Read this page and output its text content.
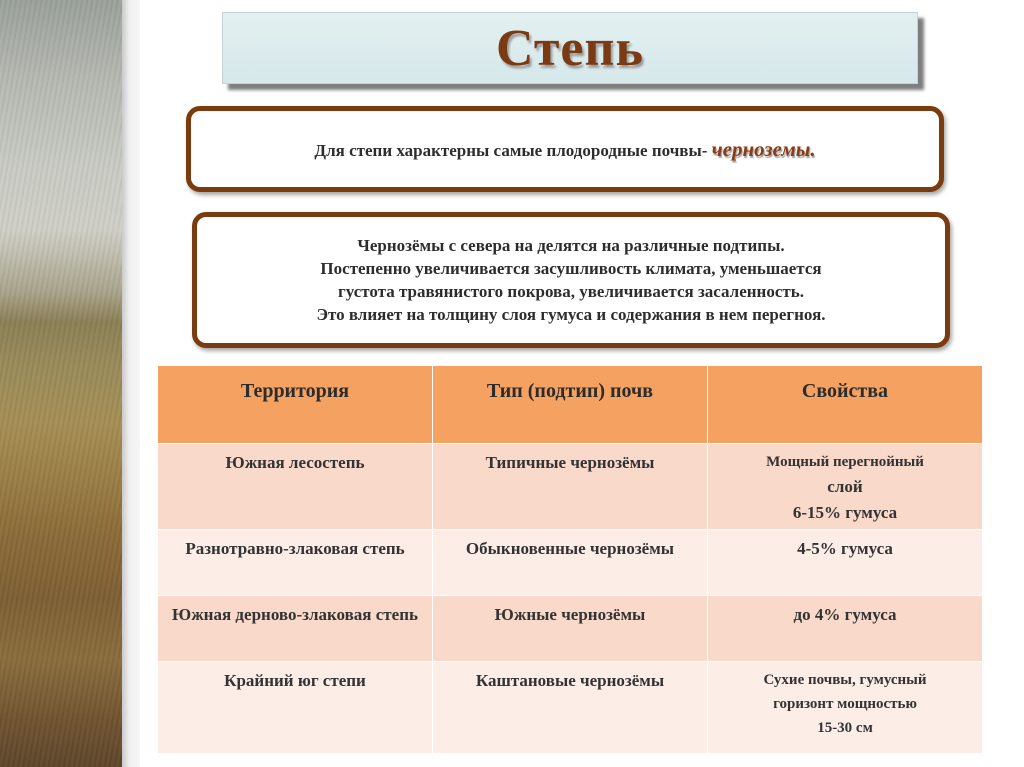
Степь
Для степи характерны самые плодородные почвы- черноземы.
Чернозёмы с севера на делятся на различные подтипы.
Постепенно увеличивается засушливость климата, уменьшается
густота травянистого покрова, увеличивается засаленность.
Это влияет на толщину слоя гумуса и содержания в нем перегноя.
Территория	Тип (подтип) почв	Свойства
Южная лесостепь	Типичные чернозёмы	Мощный перегнойный
слой
6-15% гумуса

Разнотравно-злаковая степь	Обыкновенные чернозёмы	4-5% гумуса

Южная дерново-злаковая степь	Южные чернозёмы	до 4% гумуса

Крайний юг степи	Каштановые чернозёмы	Сухие почвы, гумусный
горизонт мощностью
15-30 см
